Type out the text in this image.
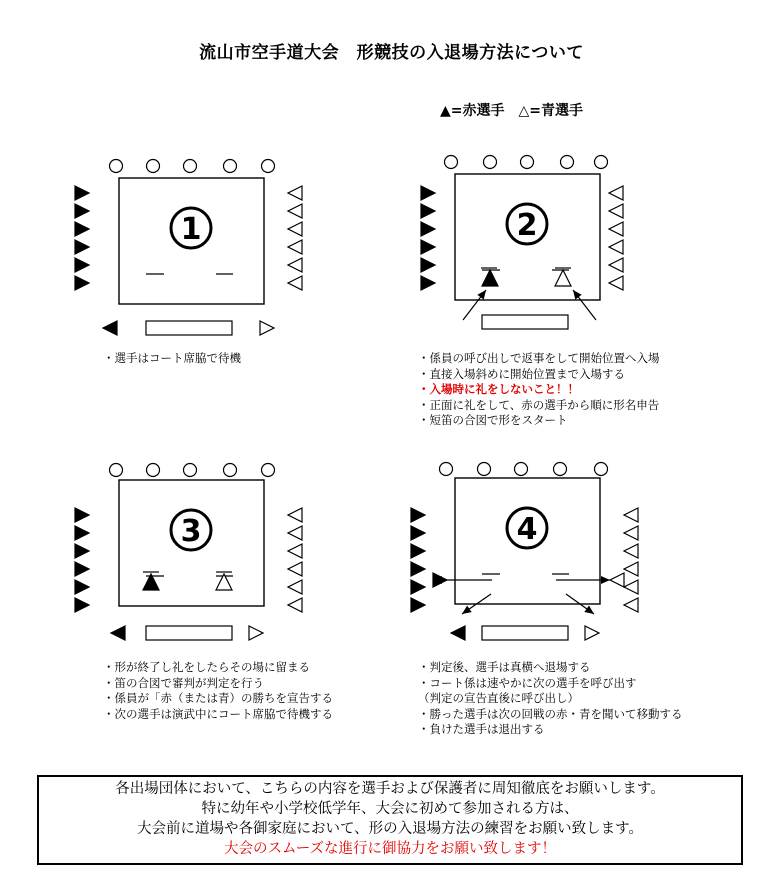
流山市空手道大会　形競技の入退場方法について
▲=赤選手　△=青選手
1	2
3	4
・選手はコート席脇で待機	・係員の呼び出しで返事をして開始位置へ入場
・直接入場斜めに開始位置まで入場する
・入場時に礼をしないこと！！
・正面に礼をして、赤の選手から順に形名申告
・短笛の合図で形をスタート
・形が終了し礼をしたらその場に留まる
・笛の合図で審判が判定を行う
・係員が「赤（または青）の勝ちを宣告する
・次の選手は演武中にコート席脇で待機する
・判定後、選手は真横へ退場する
・コート係は速やかに次の選手を呼び出す
（判定の宣告直後に呼び出し）
・勝った選手は次の回戦の赤・青を聞いて移動する
・負けた選手は退出する
各出場団体において、こちらの内容を選手および保護者に周知徹底をお願いします。
特に幼年や小学校低学年、大会に初めて参加される方は、
大会前に道場や各御家庭において、形の入退場方法の練習をお願い致します。
大会のスムーズな進行に御協力をお願い致します！
